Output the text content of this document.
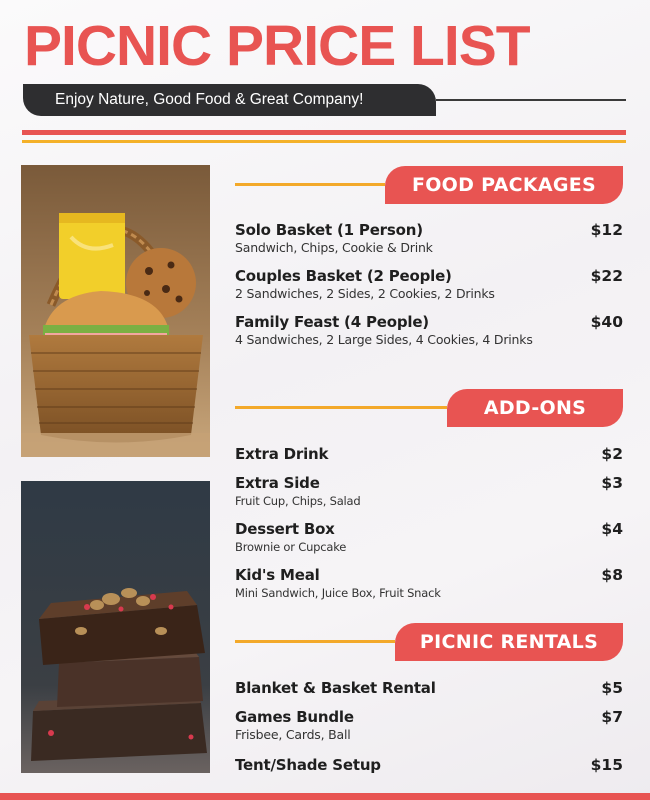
PICNIC PRICE LIST
Enjoy Nature, Good Food & Great Company!
FOOD PACKAGES
Solo Basket (1 Person)	$12
Sandwich, Chips, Cookie & Drink
Couples Basket (2 People)	$22
2 Sandwiches, 2 Sides, 2 Cookies, 2 Drinks
Family Feast (4 People)	$40
4 Sandwiches, 2 Large Sides, 4 Cookies, 4 Drinks
ADD-ONS
Extra Drink	$2
Extra Side	$3
Fruit Cup, Chips, Salad
Dessert Box	$4
Brownie or Cupcake
Kid's Meal	$8
Mini Sandwich, Juice Box, Fruit Snack
PICNIC RENTALS
Blanket & Basket Rental	$5
Games Bundle	$7
Frisbee, Cards, Ball
Tent/Shade Setup	$15
